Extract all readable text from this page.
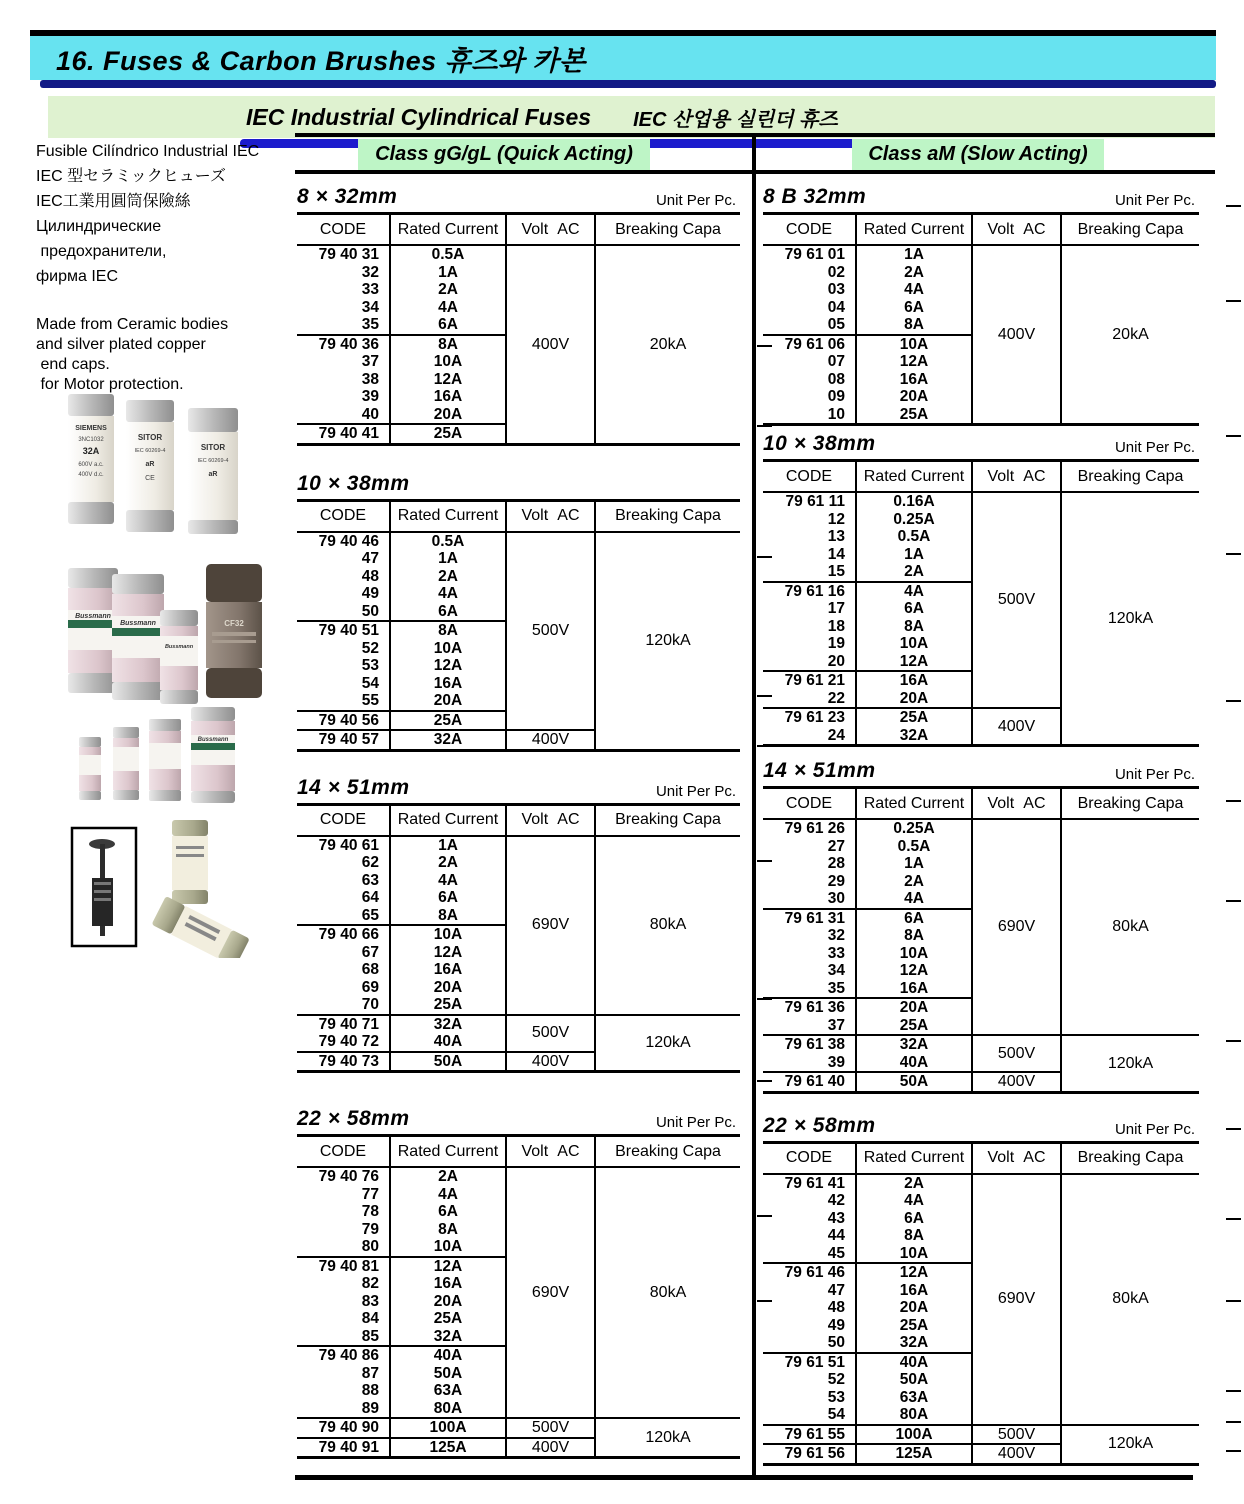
16. Fuses & Carbon Brushes 휴즈와 카본
IEC Industrial Cylindrical Fuses IEC 산업용 실린더 휴즈
Class gG/gL (Quick Acting)	Class aM (Slow Acting)
Fusible Cilíndrico Industrial IEC
IEC 型セラミックヒューズ
IEC工業用圓筒保險絲
Цилиндрические
предохранители,
фирма IEC
Made from Ceramic bodies
and silver plated copper
end caps.
for Motor protection.
SIEMENS
3NC1032
32A
600V a.c.
400V d.c.
SITOR
IEC 60269-4
aR
CE
SITOR
IEC 60269-4
aR
Bussmann
Bussmann
Bussmann
CF32
Bussmann
8 × 32mm	Unit Per Pc.
CODE	Rated Current	Volt AC	Breaking Capa
79 40 31	0.5A	400V	20kA
32	1A		
33	2A		
34	4A		
35	6A		
79 40 36	8A		
37	10A		
38	12A		
39	16A		
40	20A		
79 40 41	25A		
10 × 38mm
CODE	Rated Current	Volt AC	Breaking Capa
79 40 46	0.5A	500V	120kA
47	1A		
48	2A		
49	4A		
50	6A		
79 40 51	8A		
52	10A		
53	12A		
54	16A		
55	20A		
79 40 56	25A		
79 40 57	32A	400V	
14 × 51mm	Unit Per Pc.
CODE	Rated Current	Volt AC	Breaking Capa
79 40 61	1A	690V	80kA
62	2A		
63	4A		
64	6A		
65	8A		
79 40 66	10A		
67	12A		
68	16A		
69	20A		
70	25A		
79 40 71	32A	500V	120kA
79 40 72	40A		
79 40 73	50A	400V	
22 × 58mm	Unit Per Pc.
CODE	Rated Current	Volt AC	Breaking Capa
79 40 76	2A	690V	80kA
77	4A		
78	6A		
79	8A		
80	10A		
79 40 81	12A		
82	16A		
83	20A		
84	25A		
85	32A		
79 40 86	40A		
87	50A		
88	63A		
89	80A		
79 40 90	100A	500V	120kA
79 40 91	125A	400V	
8 B 32mm	Unit Per Pc.
CODE	Rated Current	Volt AC	Breaking Capa
79 61 01	1A	400V	20kA
02	2A		
03	4A		
04	6A		
05	8A		
79 61 06	10A		
07	12A		
08	16A		
09	20A		
10	25A		
10 × 38mm	Unit Per Pc.
CODE	Rated Current	Volt AC	Breaking Capa
79 61 11	0.16A	500V	120kA
12	0.25A		
13	0.5A		
14	1A		
15	2A		
79 61 16	4A		
17	6A		
18	8A		
19	10A		
20	12A		
79 61 21	16A		
22	20A		
79 61 23	25A	400V	
24	32A		
14 × 51mm	Unit Per Pc.
CODE	Rated Current	Volt AC	Breaking Capa
79 61 26	0.25A	690V	80kA
27	0.5A		
28	1A		
29	2A		
30	4A		
79 61 31	6A		
32	8A		
33	10A		
34	12A		
35	16A		
79 61 36	20A		
37	25A		
79 61 38	32A	500V	120kA
39	40A		
79 61 40	50A	400V	
22 × 58mm	Unit Per Pc.
CODE	Rated Current	Volt AC	Breaking Capa
79 61 41	2A	690V	80kA
42	4A		
43	6A		
44	8A		
45	10A		
79 61 46	12A		
47	16A		
48	20A		
49	25A		
50	32A		
79 61 51	40A		
52	50A		
53	63A		
54	80A		
79 61 55	100A	500V	120kA
79 61 56	125A	400V	
